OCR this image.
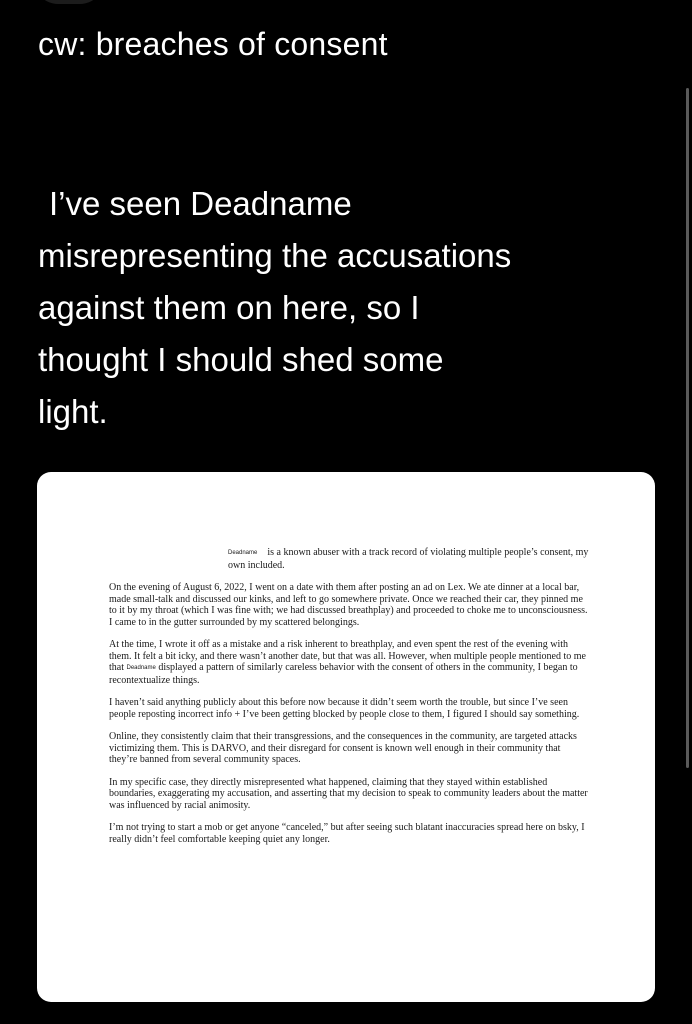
cw: breaches of consent
I’ve seen Deadname
misrepresenting the accusations
against them on here, so I
thought I should shed some
light.

Deadname is a known abuser with a track record of violating multiple people’s consent, my own included.

On the evening of August 6, 2022, I went on a date with them after posting an ad on Lex. We ate dinner at a local bar, made small-talk and discussed our kinks, and left to go somewhere private. Once we reached their car, they pinned me to it by my throat (which I was fine with; we had discussed breathplay) and proceeded to choke me to unconsciousness. I came to in the gutter surrounded by my scattered belongings.

At the time, I wrote it off as a mistake and a risk inherent to breathplay, and even spent the rest of the evening with them. It felt a bit icky, and there wasn’t another date, but that was all. However, when multiple people mentioned to me that Deadname displayed a pattern of similarly careless behavior with the consent of others in the community, I began to recontextualize things.

I haven’t said anything publicly about this before now because it didn’t seem worth the trouble, but since I’ve seen people reposting incorrect info + I’ve been getting blocked by people close to them, I figured I should say something.

Online, they consistently claim that their transgressions, and the consequences in the community, are targeted attacks victimizing them. This is DARVO, and their disregard for consent is known well enough in their community that they’re banned from several community spaces.

In my specific case, they directly misrepresented what happened, claiming that they stayed within established boundaries, exaggerating my accusation, and asserting that my decision to speak to community leaders about the matter was influenced by racial animosity.

I’m not trying to start a mob or get anyone “canceled,” but after seeing such blatant inaccuracies spread here on bsky, I really didn’t feel comfortable keeping quiet any longer.
